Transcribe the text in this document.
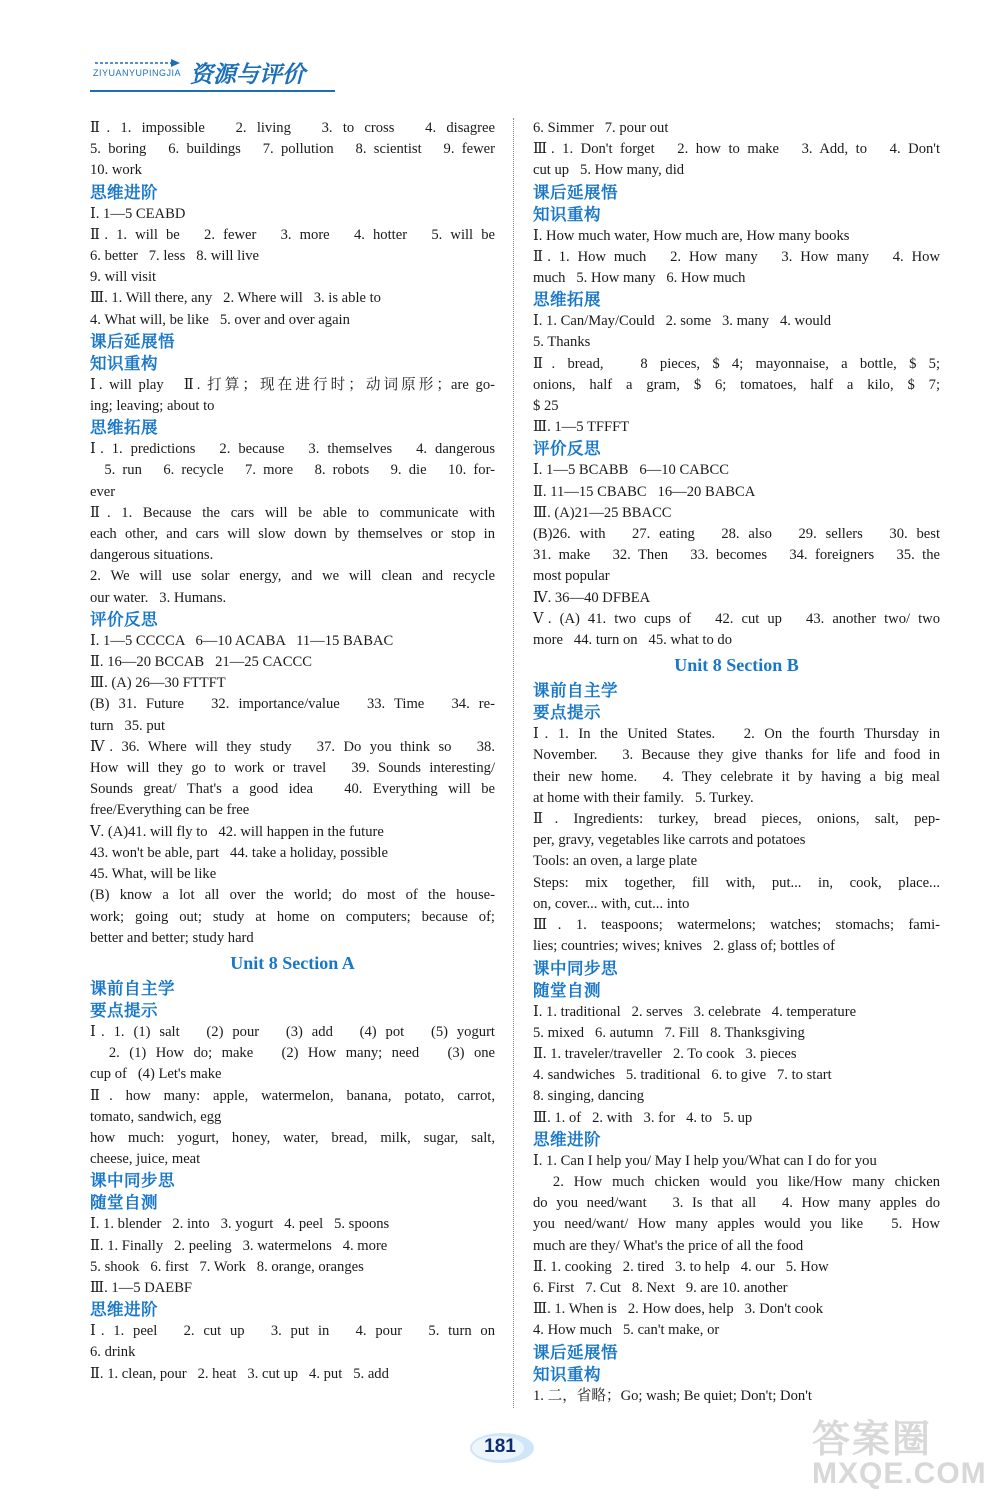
ZIYUANYUPINGJIA 资源与评价
Ⅱ. 1. impossible   2. living   3. to cross   4. disagree
5. boring   6. buildings   7. pollution   8. scientist   9. fewer
10. work
思维进阶
Ⅰ. 1—5 CEABD
Ⅱ. 1. will be   2. fewer   3. more   4. hotter   5. will be
6. better   7. less   8. will live
9. will visit
Ⅲ. 1. Will there, any   2. Where will   3. is able to
4. What will, be like   5. over and over again
课后延展悟
知识重构
Ⅰ. will play   Ⅱ. 打算；现在进行时；动词原形；are go-
ing; leaving; about to
思维拓展
Ⅰ. 1. predictions   2. because   3. themselves   4. dangerous
5. run   6. recycle   7. more   8. robots   9. die   10. for-
ever
Ⅱ. 1. Because the cars will be able to communicate with
each other, and cars will slow down by themselves or stop in
dangerous situations.
2. We will use solar energy, and we will clean and recycle
our water.   3. Humans.
评价反思
Ⅰ. 1—5 CCCCA   6—10 ACABA   11—15 BABAC
Ⅱ. 16—20 BCCAB   21—25 CACCC
Ⅲ. (A) 26—30 FTTFT
(B) 31. Future   32. importance/value   33. Time   34. re-
turn   35. put
Ⅳ. 36. Where will they study   37. Do you think so   38.
How will they go to work or travel   39. Sounds interesting/
Sounds great/ That's a good idea   40. Everything will be
free/Everything can be free
Ⅴ. (A)41. will fly to   42. will happen in the future
43. won't be able, part   44. take a holiday, possible
45. What, will be like
(B) know a lot all over the world; do most of the house-
work; going out; study at home on computers; because of;
better and better; study hard
Unit 8 Section A
课前自主学
要点提示
Ⅰ. 1. (1) salt   (2) pour   (3) add   (4) pot   (5) yogurt
2. (1) How do; make   (2) How many; need   (3) one
cup of   (4) Let's make
Ⅱ. how many: apple, watermelon, banana, potato, carrot,
tomato, sandwich, egg
how much: yogurt, honey, water, bread, milk, sugar, salt,
cheese, juice, meat
课中同步思
随堂自测
Ⅰ. 1. blender   2. into   3. yogurt   4. peel   5. spoons
Ⅱ. 1. Finally   2. peeling   3. watermelons   4. more
5. shook   6. first   7. Work   8. orange, oranges
Ⅲ. 1—5 DAEBF
思维进阶
Ⅰ. 1. peel   2. cut up   3. put in   4. pour   5. turn on
6. drink
Ⅱ. 1. clean, pour   2. heat   3. cut up   4. put   5. add
6. Simmer   7. pour out
Ⅲ. 1. Don't forget   2. how to make   3. Add, to   4. Don't
cut up   5. How many, did
课后延展悟
知识重构
Ⅰ. How much water, How much are, How many books
Ⅱ. 1. How much   2. How many   3. How many   4. How
much   5. How many   6. How much
思维拓展
Ⅰ. 1. Can/May/Could   2. some   3. many   4. would
5. Thanks
Ⅱ. bread,   8 pieces, $ 4; mayonnaise, a bottle, $ 5;
onions, half a gram, $ 6; tomatoes, half a kilo, $ 7;
$ 25
Ⅲ. 1—5 TFFFT
评价反思
Ⅰ. 1—5 BCABB   6—10 CABCC
Ⅱ. 11—15 CBABC   16—20 BABCA
Ⅲ. (A)21—25 BBACC
(B)26. with   27. eating   28. also   29. sellers   30. best
31. make   32. Then   33. becomes   34. foreigners   35. the
most popular
Ⅳ. 36—40 DFBEA
Ⅴ. (A) 41. two cups of   42. cut up   43. another two/ two
more   44. turn on   45. what to do
Unit 8 Section B
课前自主学
要点提示
Ⅰ. 1. In the United States.   2. On the fourth Thursday in
November.   3. Because they give thanks for life and food in
their new home.   4. They celebrate it by having a big meal
at home with their family.   5. Turkey.
Ⅱ. Ingredients: turkey, bread pieces, onions, salt, pep-
per, gravy, vegetables like carrots and potatoes
Tools: an oven, a large plate
Steps: mix together, fill with, put... in, cook, place...
on, cover... with, cut... into
Ⅲ. 1. teaspoons; watermelons; watches; stomachs; fami-
lies; countries; wives; knives   2. glass of; bottles of
课中同步思
随堂自测
Ⅰ. 1. traditional   2. serves   3. celebrate   4. temperature
5. mixed   6. autumn   7. Fill   8. Thanksgiving
Ⅱ. 1. traveler/traveller   2. To cook   3. pieces
4. sandwiches   5. traditional   6. to give   7. to start
8. singing, dancing
Ⅲ. 1. of   2. with   3. for   4. to   5. up
思维进阶
Ⅰ. 1. Can I help you/ May I help you/What can I do for you
2. How much chicken would you like/How many chicken
do you need/want   3. Is that all   4. How many apples do
you need/want/ How many apples would you like   5. How
much are they/ What's the price of all the food
Ⅱ. 1. cooking   2. tired   3. to help   4. our   5. How
6. First   7. Cut   8. Next   9. are 10. another
Ⅲ. 1. When is   2. How does, help   3. Don't cook
4. How much   5. can't make, or
课后延展悟
知识重构
1. 二，省略；Go; wash; Be quiet; Don't; Don't
181	答案圈
MXQE.COM
